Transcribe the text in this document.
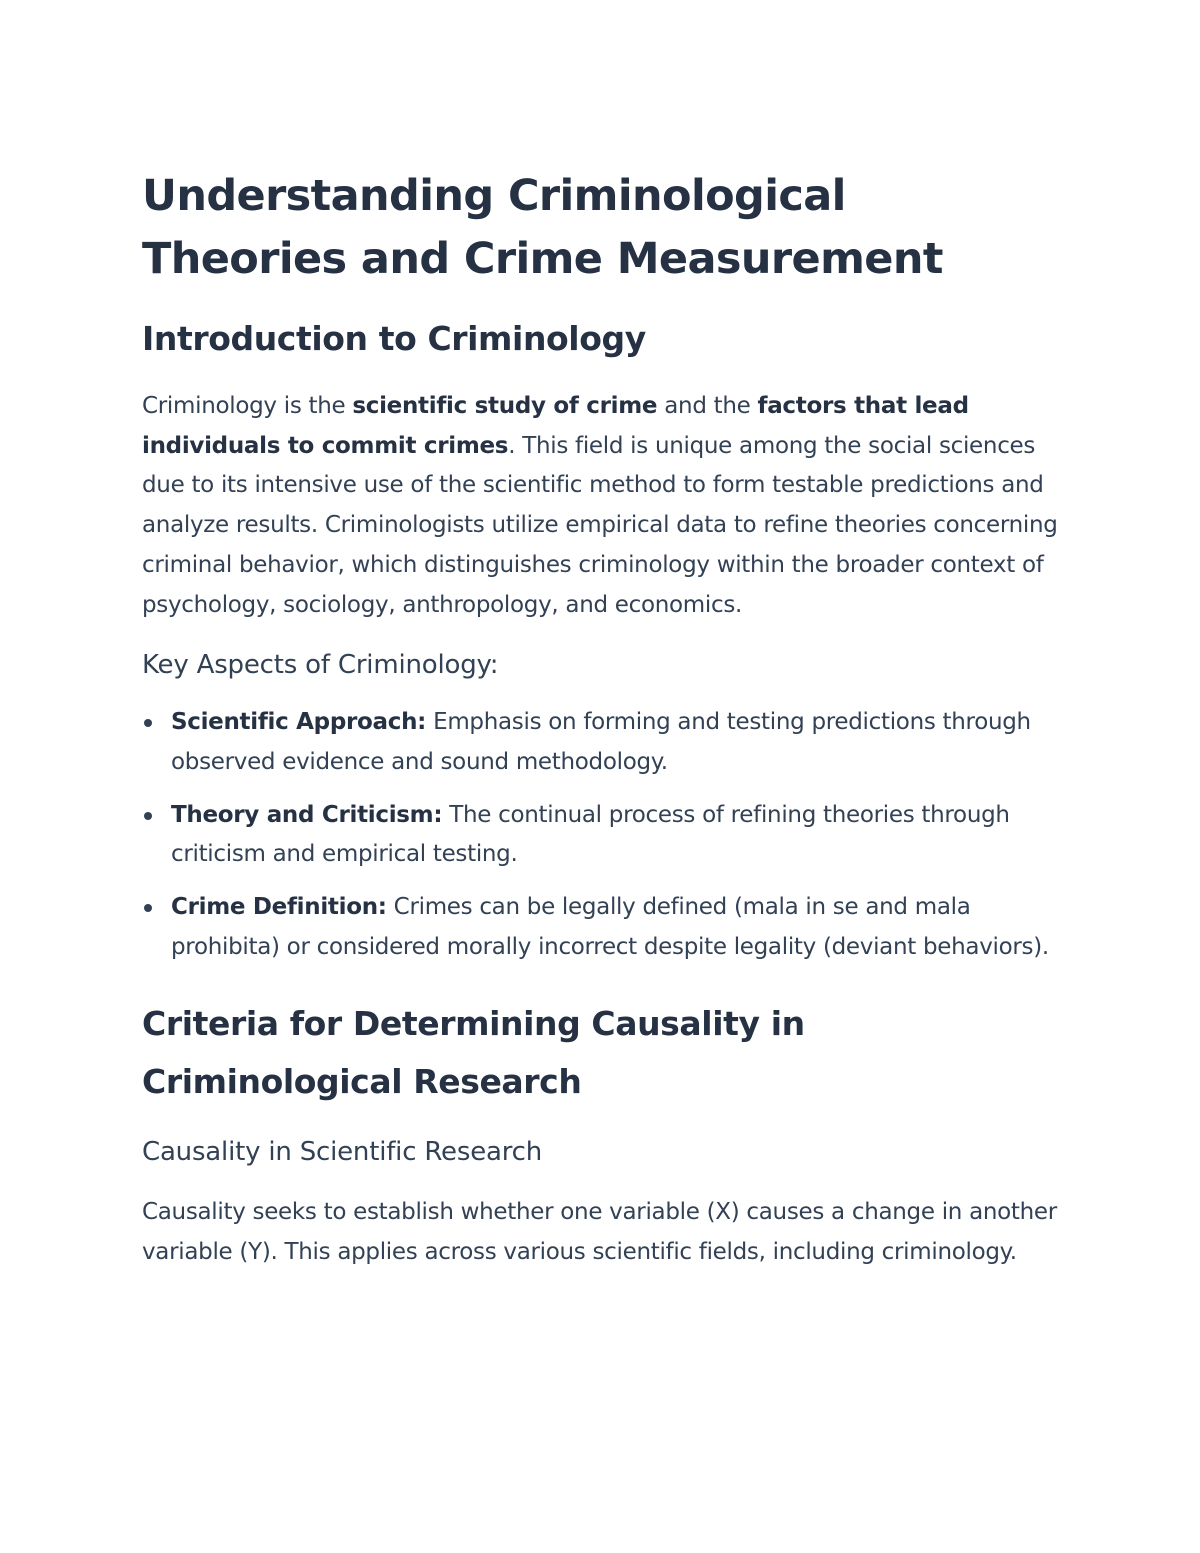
Understanding Criminological Theories and Crime Measurement
Introduction to Criminology

Criminology is the scientific study of crime and the factors that lead individuals to commit crimes. This field is unique among the social sciences due to its intensive use of the scientific method to form testable predictions and analyze results. Criminologists utilize empirical data to refine theories concerning criminal behavior, which distinguishes criminology within the broader context of psychology, sociology, anthropology, and economics.

Key Aspects of Criminology:
Scientific Approach: Emphasis on forming and testing predictions through observed evidence and sound methodology.
Theory and Criticism: The continual process of refining theories through criticism and empirical testing.
Crime Definition: Crimes can be legally defined (mala in se and mala prohibita) or considered morally incorrect despite legality (deviant behaviors).
Criteria for Determining Causality in Criminological Research
Causality in Scientific Research

Causality seeks to establish whether one variable (X) causes a change in another variable (Y). This applies across various scientific fields, including criminology.
